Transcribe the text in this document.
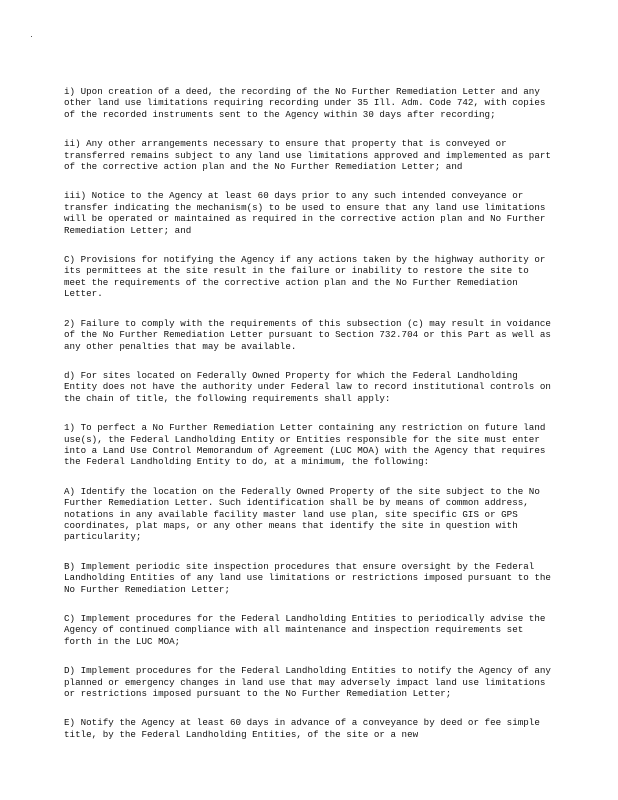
i) Upon creation of a deed, the recording of the No Further Remediation Letter and any other land use limitations requiring recording under 35 Ill. Adm. Code 742, with copies of the recorded instruments sent to the Agency within 30 days after recording;

ii) Any other arrangements necessary to ensure that property that is conveyed or transferred remains subject to any land use limitations approved and implemented as part of the corrective action plan and the No Further Remediation Letter; and

iii) Notice to the Agency at least 60 days prior to any such intended conveyance or transfer indicating the mechanism(s) to be used to ensure that any land use limitations will be operated or maintained as required in the corrective action plan and No Further Remediation Letter; and

C) Provisions for notifying the Agency if any actions taken by the highway authority or its permittees at the site result in the failure or inability to restore the site to meet the requirements of the corrective action plan and the No Further Remediation Letter.

2) Failure to comply with the requirements of this subsection (c) may result in voidance of the No Further Remediation Letter pursuant to Section 732.704 or this Part as well as any other penalties that may be available.

d) For sites located on Federally Owned Property for which the Federal Landholding Entity does not have the authority under Federal law to record institutional controls on the chain of title, the following requirements shall apply:

1) To perfect a No Further Remediation Letter containing any restriction on future land use(s), the Federal Landholding Entity or Entities responsible for the site must enter into a Land Use Control Memorandum of Agreement (LUC MOA) with the Agency that requires the Federal Landholding Entity to do, at a minimum, the following:

A) Identify the location on the Federally Owned Property of the site subject to the No Further Remediation Letter. Such identification shall be by means of common address, notations in any available facility master land use plan, site specific GIS or GPS coordinates, plat maps, or any other means that identify the site in question with particularity;

B) Implement periodic site inspection procedures that ensure oversight by the Federal Landholding Entities of any land use limitations or restrictions imposed pursuant to the No Further Remediation Letter;

C) Implement procedures for the Federal Landholding Entities to periodically advise the Agency of continued compliance with all maintenance and inspection requirements set forth in the LUC MOA;

D) Implement procedures for the Federal Landholding Entities to notify the Agency of any planned or emergency changes in land use that may adversely impact land use limitations or restrictions imposed pursuant to the No Further Remediation Letter;

E) Notify the Agency at least 60 days in advance of a conveyance by deed or fee simple title, by the Federal Landholding Entities, of the site or a new
